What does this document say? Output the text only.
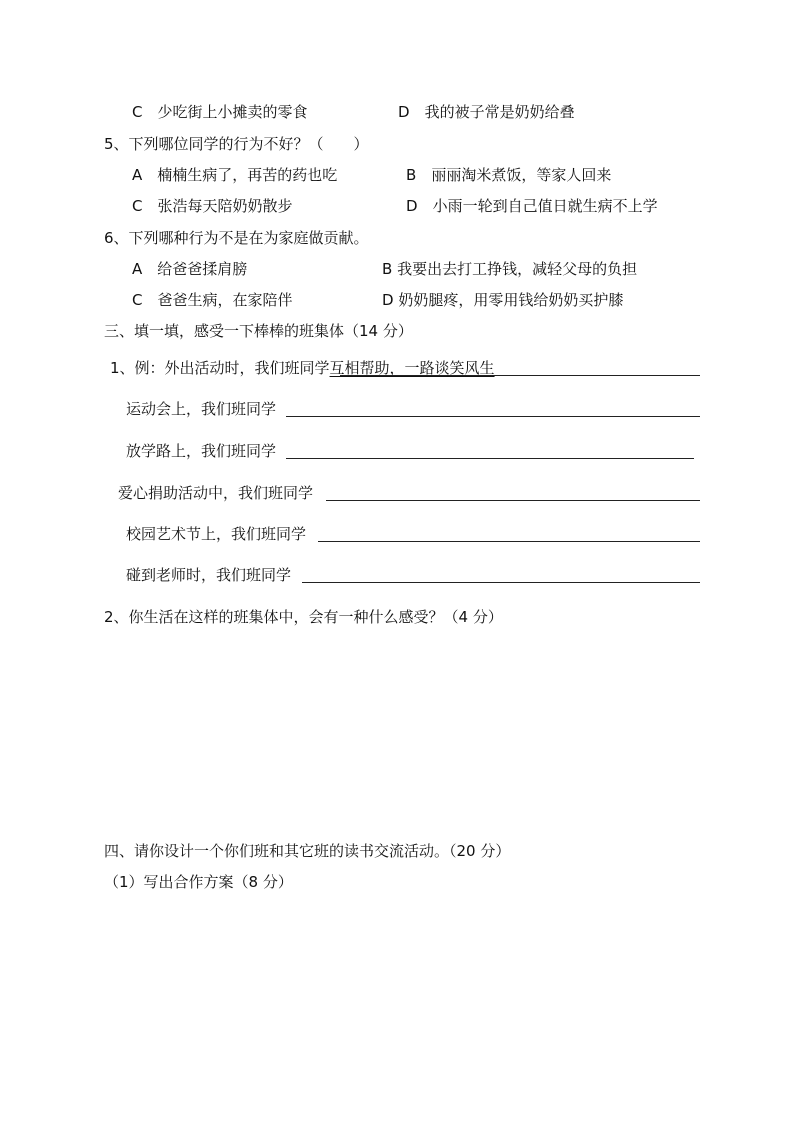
C　 少吃街上小摊卖的零食	D　 我的被子常是奶奶给叠
5、下列哪位同学的行为不好？（　　）
A　 楠楠生病了，再苦的药也吃	B　 丽丽淘米煮饭，等家人回来
C　 张浩每天陪奶奶散步	D　 小雨一轮到自己值日就生病不上学
6、下列哪种行为不是在为家庭做贡献。
A　 给爸爸揉肩膀	B 我要出去打工挣钱，减轻父母的负担
C　 爸爸生病，在家陪伴	D 奶奶腿疼，用零用钱给奶奶买护膝
三、填一填，感受一下棒棒的班集体（14 分）
1、例：外出活动时，我们班同学互相帮助，一路谈笑风生
运动会上，我们班同学
放学路上，我们班同学
爱心捐助活动中，我们班同学
校园艺术节上，我们班同学
碰到老师时，我们班同学
2、你生活在这样的班集体中，会有一种什么感受？（4 分）
四、请你设计一个你们班和其它班的读书交流活动。（20 分）
（1）写出合作方案（8 分）
